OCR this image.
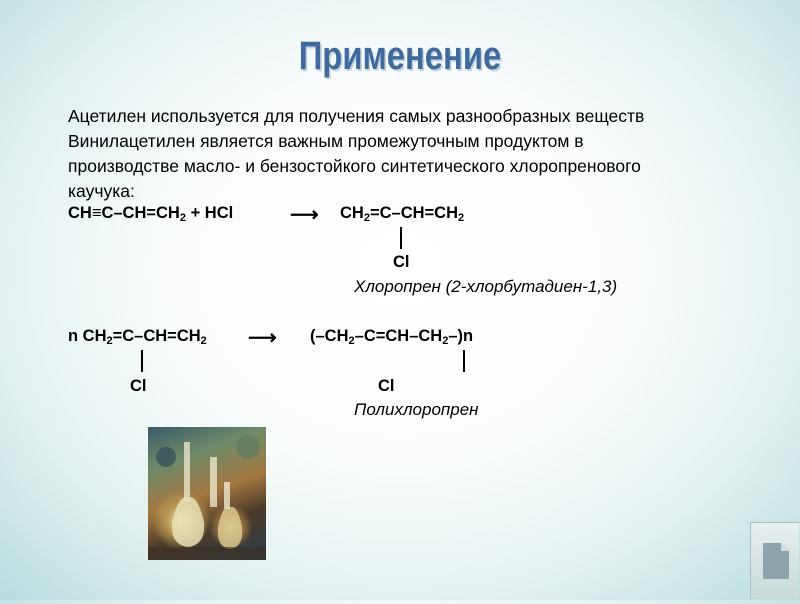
Применение
Ацетилен используется для получения самых разнообразных веществ
Винилацетилен является важным промежуточным продуктом в
производстве масло- и бензостойкого синтетического хлоропренового
каучука:
$CH\equiv C-CH=CH_2$ + HCl	⟶ $CH_2=C-CH=CH_2$
Cl
Хлоропрен (2-хлорбутадиен-1,3)
n $CH_2=C-CH=CH_2$ ⟶ $(-CH_2-C=CH-CH_2-)n$
Cl	Cl
Полихлоропрен
